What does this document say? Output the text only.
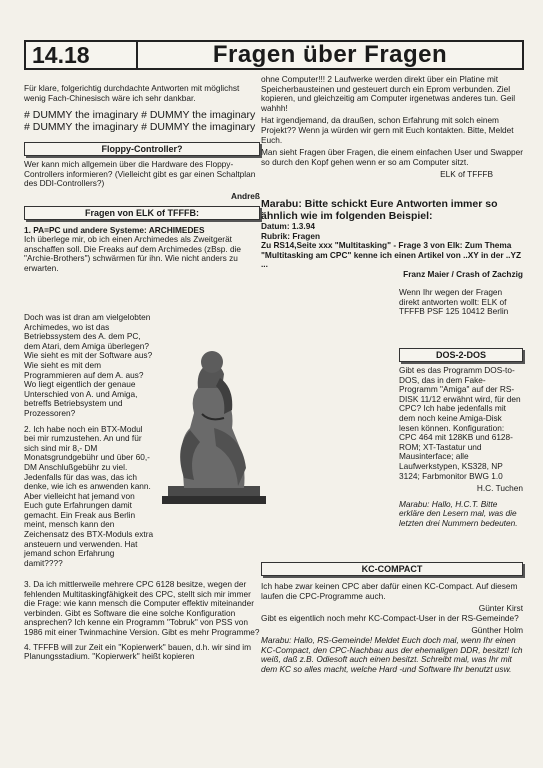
14.18	Fragen über Fragen

Für klare, folgerichtig durchdachte Antworten mit möglichst wenig Fach-Chinesisch wäre ich sehr dankbar.

# DUMMY the imaginary # DUMMY the imaginary
# DUMMY the imaginary # DUMMY the imaginary
Floppy-Controller?

Wer kann mich allgemein über die Hardware des Floppy-Controllers informieren? (Vielleicht gibt es gar einen Schaltplan des DDI-Controllers?)

Andreß
Fragen von ELK of TFFFB:
1. PA=PC und andere Systeme: ARCHIMEDES

Ich überlege mir, ob ich einen Archimedes als Zweitgerät anschaffen soll. Die Freaks auf dem Archimedes (zBsp. die "Archie-Brothers") schwärmen für ihn. Wie nicht anders zu erwarten.

Doch was ist dran am vielgelobten Archimedes, wo ist das Betriebssystem des A. dem PC, dem Atari, dem Amiga überlegen? Wie sieht es mit der Software aus? Wie sieht es mit dem Programmieren auf dem A. aus? Wo liegt eigentlich der genaue Unterschied von A. und Amiga, betreffs Betriebsystem und Prozessoren?

2. Ich habe noch ein BTX-Modul bei mir rumzustehen. An und für sich sind mir 8,- DM Monatsgrundgebühr und über 60,-DM Anschlußgebühr zu viel. Jedenfalls für das was, das ich denke, wie ich es anwenden kann. Aber vielleicht hat jemand von Euch gute Erfahrungen damit gemacht. Ein Freak aus Berlin meint, mensch kann den Zeichensatz des BTX-Moduls extra ansteuern und verwenden. Hat jemand schon Erfahrung damit????

3. Da ich mittlerweile mehrere CPC 6128 besitze, wegen der fehlenden Multitaskingfähigkeit des CPC, stellt sich mir immer die Frage: wie kann mensch die Computer effektiv miteinander verbinden. Gibt es Software die eine solche Konfiguration ansprechen? Ich kenne ein Programm "Tobruk" von PSS von 1986 mit einer Twinmachine Version. Gibt es mehr Programme?

4. TFFFB will zur Zeit ein "Kopierwerk" bauen, d.h. wir sind im Planungsstadium. "Kopierwerk" heißt kopieren

ohne Computer!!! 2 Laufwerke werden direkt über ein Platine mit Speicherbausteinen und gesteuert durch ein Eprom verbunden. Ziel kopieren, und gleichzeitig am Computer irgenetwas anderes tun. Geil wahhh!

Hat irgendjemand, da draußen, schon Erfahrung mit solch einem Projekt?? Wenn ja würden wir gern mit Euch kontakten. Bitte, Meldet Euch.

Man sieht Fragen über Fragen, die einem einfachen User und Swapper so durch den Kopf gehen wenn er so am Computer sitzt.

ELK of TFFFB
Marabu: Bitte schickt Eure Antworten immer so ähnlich wie im folgenden Beispiel:
Datum: 1.3.94
Rubrik: Fragen
Zu RS14,Seite xxx "Multitasking" - Frage 3 von Elk: Zum Thema "Multitasking am CPC" kenne ich einen Artikel von ..XY in der ..YZ ...
Franz Maier / Crash of Zachzig

Wenn Ihr wegen der Fragen direkt antworten wollt: ELK of TFFFB PSF 125 10412 Berlin

DOS-2-DOS

Gibt es das Programm DOS-to-DOS, das in dem Fake-Programm "Amiga" auf der RS-DISK 11/12 erwähnt wird, für den CPC? Ich habe jedenfalls mit dem noch keine Amiga-Disk lesen können. Konfiguration: CPC 464 mit 128KB und 6128-ROM; XT-Tastatur und Mausinterface; alle Laufwerkstypen, KS328, NP 3124; Farbmonitor BWG 1.0

H.C. Tuchen

Marabu: Hallo, H.C.T. Bitte erkläre den Lesern mal, was die letzten drei Nummern bedeuten.

KC-COMPACT

Ich habe zwar keinen CPC aber dafür einen KC-Compact. Auf diesem laufen die CPC-Programme auch.

Günter Kirst

Gibt es eigentlich noch mehr KC-Compact-User in der RS-Gemeinde?

Günther Holm

Marabu: Hallo, RS-Gemeinde! Meldet Euch doch mal, wenn Ihr einen KC-Compact, den CPC-Nachbau aus der ehemaligen DDR, besitzt! Ich weiß, daß z.B. Odiesoft auch einen besitzt. Schreibt mal, was Ihr mit dem KC so alles macht, welche Hard -und Software Ihr benutzt usw.
